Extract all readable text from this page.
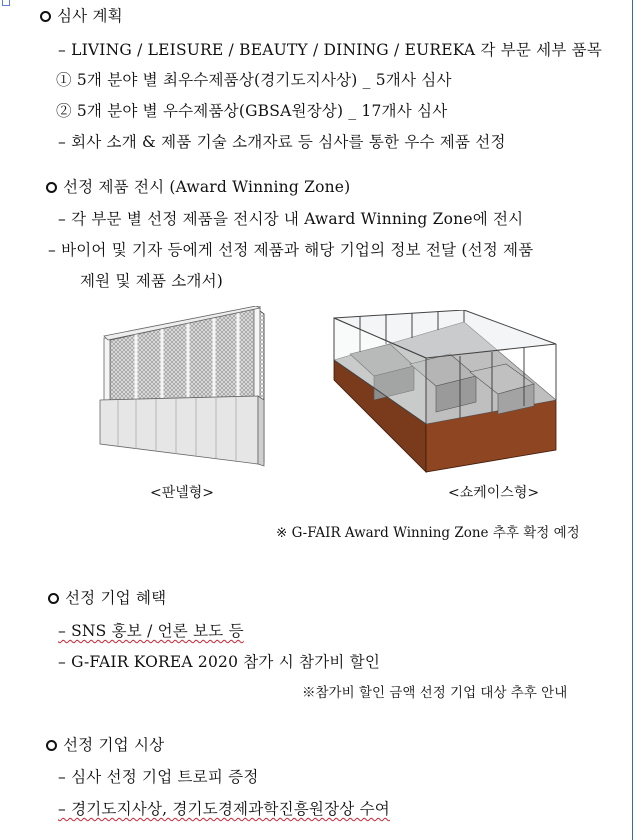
심사 계획
– LIVING / LEISURE / BEAUTY / DINING / EUREKA 각 부문 세부 품목
① 5개 분야 별 최우수제품상(경기도지사상) _ 5개사 심사
② 5개 분야 별 우수제품상(GBSA원장상) _ 17개사 심사
– 회사 소개 & 제품 기술 소개자료 등 심사를 통한 우수 제품 선정
선정 제품 전시 (Award Winning Zone)
– 각 부문 별 선정 제품을 전시장 내 Award Winning Zone에 전시
– 바이어 및 기자 등에게 선정 제품과 해당 기업의 정보 전달 (선정 제품
제원 및 제품 소개서)
<판넬형>	<쇼케이스형>
※ G-FAIR Award Winning Zone 추후 확정 예정
선정 기업 혜택
– SNS 홍보 / 언론 보도 등
– G-FAIR KOREA 2020 참가 시 참가비 할인
※참가비 할인 금액 선정 기업 대상 추후 안내
선정 기업 시상
– 심사 선정 기업 트로피 증정
– 경기도지사상, 경기도경제과학진흥원장상 수여
